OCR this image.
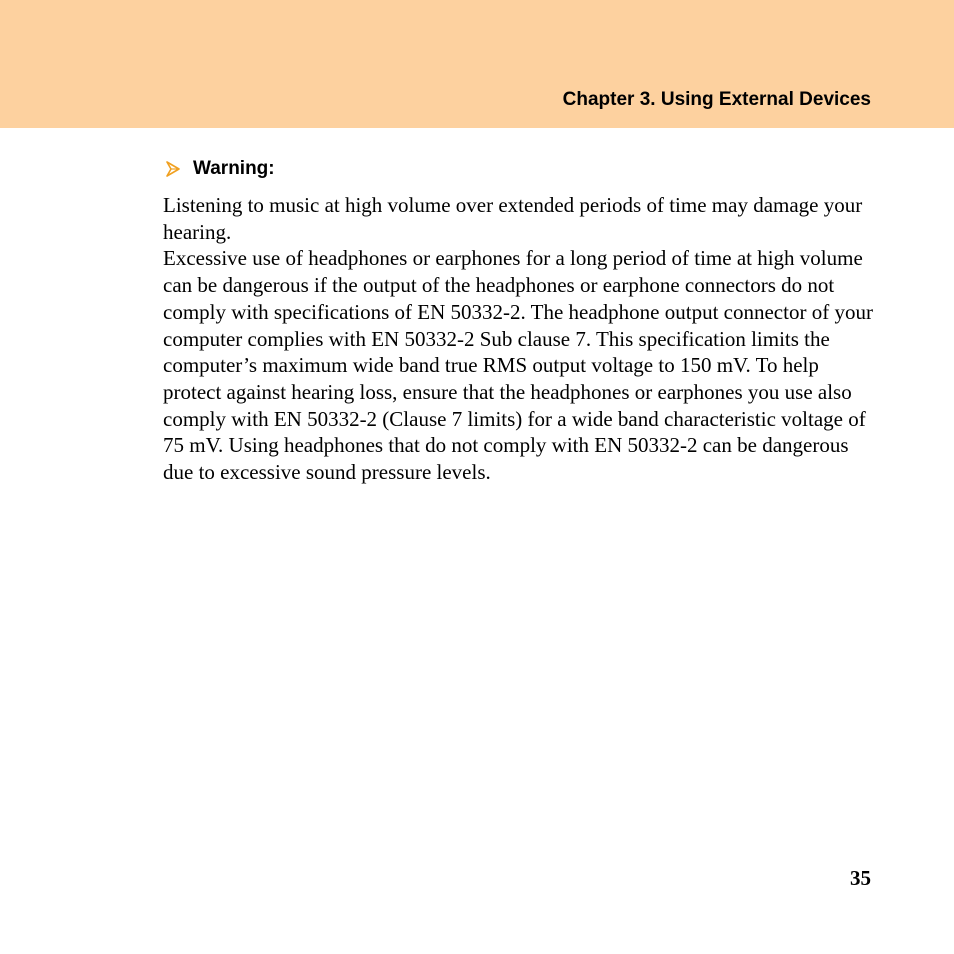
Chapter 3. Using External Devices
Warning:

Listening to music at high volume over extended periods of time may damage your hearing.

Excessive use of headphones or earphones for a long period of time at high volume can be dangerous if the output of the headphones or earphone connectors do not comply with specifications of EN 50332-2. The headphone output connector of your computer complies with EN 50332-2 Sub clause 7. This specification limits the computer’s maximum wide band true RMS output voltage to 150 mV. To help protect against hearing loss, ensure that the headphones or earphones you use also comply with EN 50332-2 (Clause 7 limits) for a wide band characteristic voltage of 75 mV. Using headphones that do not comply with EN 50332-2 can be dangerous due to excessive sound pressure levels.

35
